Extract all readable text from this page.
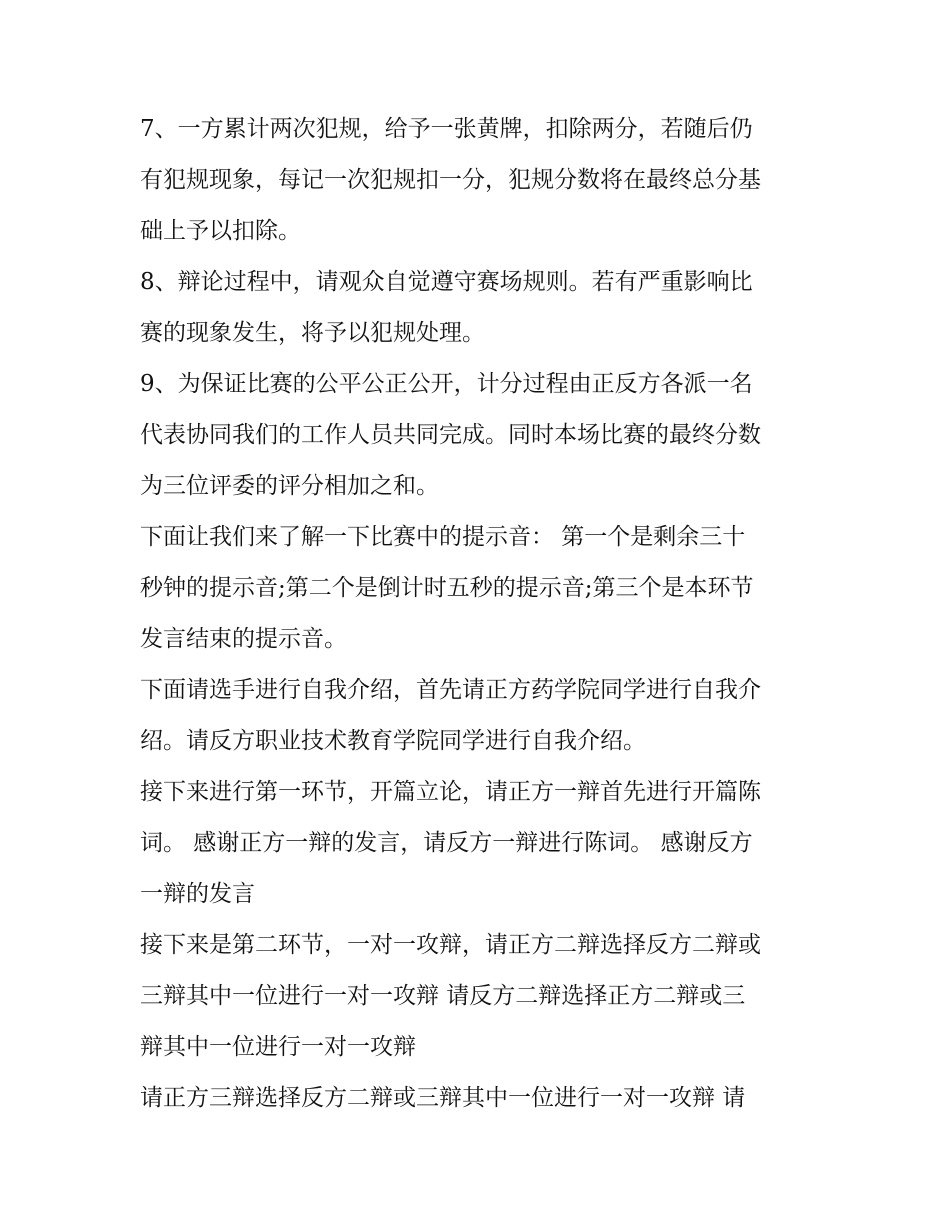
7、一方累计两次犯规，给予一张黄牌，扣除两分，若随后仍
有犯规现象，每记一次犯规扣一分，犯规分数将在最终总分基
础上予以扣除。

8、辩论过程中，请观众自觉遵守赛场规则。若有严重影响比
赛的现象发生，将予以犯规处理。

9、为保证比赛的公平公正公开，计分过程由正反方各派一名
代表协同我们的工作人员共同完成。同时本场比赛的最终分数
为三位评委的评分相加之和。

下面让我们来了解一下比赛中的提示音： 第一个是剩余三十
秒钟的提示音;第二个是倒计时五秒的提示音;第三个是本环节
发言结束的提示音。

下面请选手进行自我介绍，首先请正方药学院同学进行自我介
绍。请反方职业技术教育学院同学进行自我介绍。

接下来进行第一环节，开篇立论，请正方一辩首先进行开篇陈
词。 感谢正方一辩的发言，请反方一辩进行陈词。 感谢反方
一辩的发言

接下来是第二环节，一对一攻辩，请正方二辩选择反方二辩或
三辩其中一位进行一对一攻辩 请反方二辩选择正方二辩或三
辩其中一位进行一对一攻辩

请正方三辩选择反方二辩或三辩其中一位进行一对一攻辩 请
